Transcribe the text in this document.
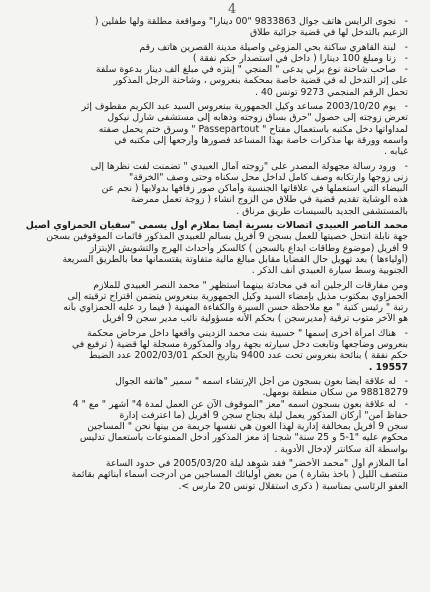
4
- نجوى الرايس هاتف جوال 9833863 "00 دينارا" ومواقعة مطلقة ولها طفلين (
الزعيم بالتدخل لها في قضية جزائية طلاق
- لبنة القاهري ساكنة بحي المزوغي واصيلة مدينة القصرين هاتف رقم
- زنا ومبلغ 100 دينارا ( داخل في استصدار حكم نفقة )
- صاحب شاحنة نوع برلي يدعى " المنجي " إبتزه في مبلغ ألف دينار بدعوة سلفة
على إثر التدخل له في قضية خاصة بمحكمة بنعروس ، وشاحنة الرجل المذكور
تحمل الرقم المنجمي 9273 تونس 40 .
- يوم 2003/10/20 مساعد وكيل الجمهورية ببنعروس السيد عبد الكريم مقطوف إثر
تعرض زوجته إلى حصول "حرق بساق زوجته وذهابه إلى مستشفى شارل نيكول
لمداواتها دخل مكتبه باستعمال مفتاح " Passepartout " وسرق ختم يحمل صفته
واسمه وورقة بها مذكرات خاصة بهذا المساعد فصورها وأرجعها إلى مكتبه في
غيابه .
- ورود رسالة مجهولة المصدر على "زوجته آمال العبيدي " تضمنت لفت نظرها إلى
زنى زوجها وارتكابه وصف كامل لداخل محل سكناه وحتى وصف "الخرقة"
البيضاء التي استعملها في علاقاتها الجنسية وأماكن صور زفافها بدولابها ( نجم عن
هذه الوشاية تقديم قضية في طلاق من الزوج انشاء ( زوجة تعمل ممرضة
بالمستشفى الجديد بالسيسات طريق مرناق .
محمد الناصر العبيدي اتصالات بسرية أيضا بملازم أول يسمى "سفيان الحمزاوي أصيل
جهة نابلة انتحل خصيتها للعمل بسجن 9 أفريل بسالم للعبيدي المذكور قائمات الموقوفين بسجن
9 أفريل (موضوع وطاقات ابداع بالسجن ) كالسكر وأحداث الهرج والتشويش الإبتزاز
(أولياءها ) بعد تهويل حال القضايا مقابل مبالغ مالية متفاوتة يقتسمانها معا بالطريق السريعة
الجنوبية وسط سيارة العبيدي أنف الذكر .
ومن مفارقات الرجلين أنه في محادثة بينهما أستظهر " محمد النصر العبيدي للملازم
الحمزاوي بمكتوب مذيل بإمضاء السيد وكيل الجمهورية ببنعروس يتضمن اقتراح ترقيته إلى
رتبة " رئيس كتبة " مع ملاحظة حسن السيرة والكفاءة المهنية ( فيما رد عليه الحمزاوي بأنه
هو الآخر متوب ترقية (مديرسجن ) بحكم الأنه مسؤولية نائب مدير سجن 9 أفريل
- هناك امرأة أخرى إسمها " حسيبة بنت محمد الزديني وأقعها داخل مرحاض محكمة
بنعروس وضاجعها وتابعت دخل سيارته بجهة رواد والمذكورة مسجلة لها قضية ( ترفيع في
حكم نفقة ) بنائحة بنعروس تحت عدد 9400 بتاريخ الحكم 2002/03/01 عدد الضبط
19557 .
- له علاقة أيضا بعون بسجون من أجل الإرتشاء اسمه " سمير "هاتفه الجوال
98818279 من سكان منطقة بومهل.
- له علاقة بعون بسجون اسمه "معز "الموقوف الآن عن العمل لمدة 4" أشهر " مع " 4
حفاظ آمن" أركان المذكور يعمل ليلة بجناح سجن 9 أفريل (ما اعترفت إدارة
سجن 9 أفريل بمخالفة إدارية لهذا العون هي نفسها جريمة من بينها نحن " المساجين
محكوم عليه "1-5 و 25 سنة" شجنا إذ معز المذكور أدخل الممنوعات باستعمال تدليس
بواسطة آلة سكانتر لإدخال الأدوية .
أما الملازم أول "محمد الأخضر" فقد شوهد ليلة 2005/03/20 في حدود الساعة
منتصف الليل ( باخذ بشارة ) من بعض أوليائك المساجين من أدرجت أسماء أبنائهم بقائمة
العفو الرئاسي بمناسبة ( ذكرى استقلال تونس 20 مارس >.
